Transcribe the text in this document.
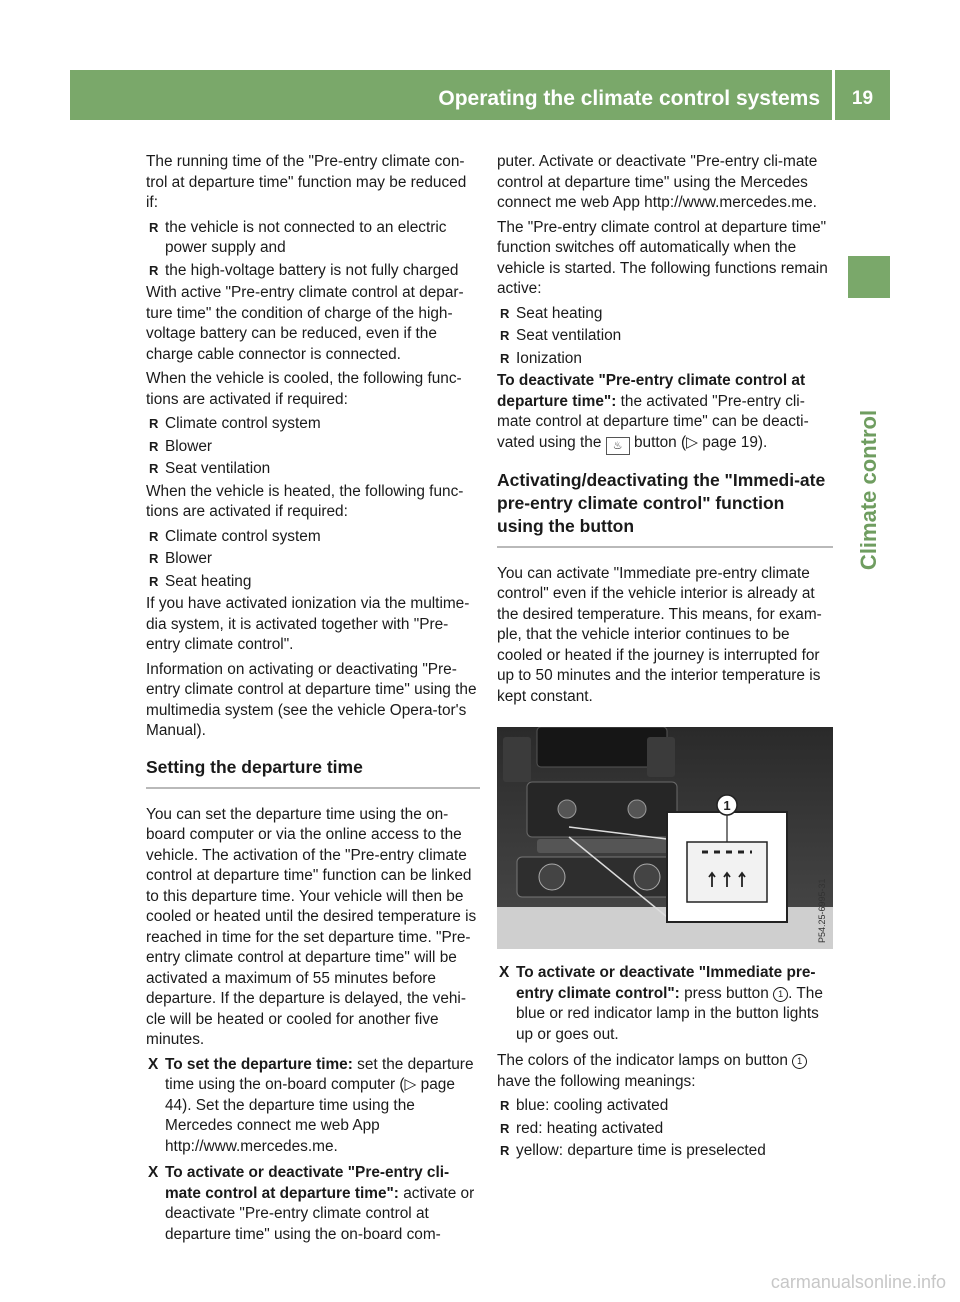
Operating the climate control systems	19
Climate control

The running time of the "Pre-entry climate con-trol at departure time" function may be reduced if:

R the vehicle is not connected to an electric power supply and
R the high-voltage battery is not fully charged

With active "Pre-entry climate control at depar-ture time" the condition of charge of the high-voltage battery can be reduced, even if the charge cable connector is connected.

When the vehicle is cooled, the following func-tions are activated if required:

R Climate control system
R Blower
R Seat ventilation

When the vehicle is heated, the following func-tions are activated if required:

R Climate control system
R Blower
R Seat heating

If you have activated ionization via the multime-dia system, it is activated together with "Pre-entry climate control".

Information on activating or deactivating "Pre-entry climate control at departure time" using the multimedia system (see the vehicle Opera-tor's Manual).

Setting the departure time

You can set the departure time using the on-board computer or via the online access to the vehicle. The activation of the "Pre-entry climate control at departure time" function can be linked to this departure time. Your vehicle will then be cooled or heated until the desired temperature is reached in time for the set departure time. "Pre-entry climate control at departure time" will be activated a maximum of 55 minutes before departure. If the departure is delayed, the vehi-cle will be heated or cooled for another five minutes.

X To set the departure time: set the departure time using the on-board computer (▷ page 44). Set the departure time using the Mercedes connect me web App http://www.mercedes.me.
X To activate or deactivate "Pre-entry cli-mate control at departure time": activate or deactivate "Pre-entry climate control at departure time" using the on-board com-

puter. Activate or deactivate "Pre-entry cli-mate control at departure time" using the Mercedes connect me web App http://www.mercedes.me.

The "Pre-entry climate control at departure time" function switches off automatically when the vehicle is started. The following functions remain active:

R Seat heating
R Seat ventilation
R Ionization

To deactivate "Pre-entry climate control at departure time": the activated "Pre-entry cli-mate control at departure time" can be deacti-vated using the ♨ button (▷ page 19).

Activating/deactivating the "Immedi-ate pre-entry climate control" function using the button

You can activate "Immediate pre-entry climate control" even if the vehicle interior is already at the desired temperature. This means, for exam-ple, that the vehicle interior continues to be cooled or heated if the journey is interrupted for up to 50 minutes and the interior temperature is kept constant.

1
P54.25-6995-31
X To activate or deactivate "Immediate pre-entry climate control": press button 1 . The blue or red indicator lamp in the button lights up or goes out.

The colors of the indicator lamps on button 1 have the following meanings:

R blue: cooling activated
R red: heating activated
R yellow: departure time is preselected
carmanualsonline.info
